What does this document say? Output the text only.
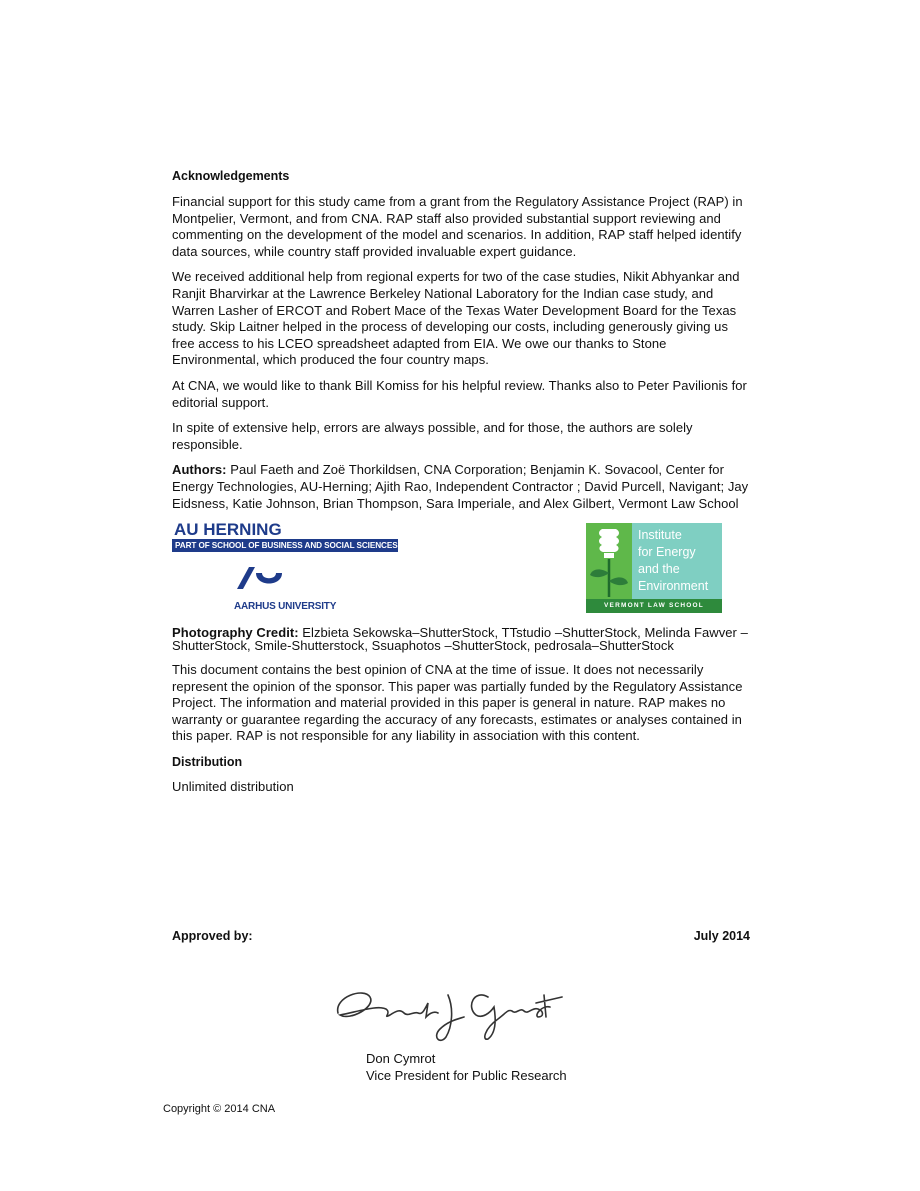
Acknowledgements

Financial support for this study came from a grant from the Regulatory Assistance Project (RAP) in Montpelier, Vermont, and from CNA. RAP staff also provided substantial support reviewing and commenting on the development of the model and scenarios. In addition, RAP staff helped identify data sources, while country staff provided invaluable expert guidance.

We received additional help from regional experts for two of the case studies, Nikit Abhyankar and Ranjit Bharvirkar at the Lawrence Berkeley National Laboratory for the Indian case study, and Warren Lasher of ERCOT and Robert Mace of the Texas Water Development Board for the Texas study. Skip Laitner helped in the process of developing our costs, including generously giving us free access to his LCEO spreadsheet adapted from EIA. We owe our thanks to Stone Environmental, which produced the four country maps.

At CNA, we would like to thank Bill Komiss for his helpful review. Thanks also to Peter Pavilionis for editorial support.

In spite of extensive help, errors are always possible, and for those, the authors are solely responsible.

Authors: Paul Faeth and Zoë Thorkildsen, CNA Corporation; Benjamin K. Sovacool, Center for Energy Technologies, AU-Herning; Ajith Rao, Independent Contractor ; David Purcell, Navigant; Jay Eidsness, Katie Johnson, Brian Thompson, Sara Imperiale, and Alex Gilbert, Vermont Law School

AU HERNING
PART OF SCHOOL OF BUSINESS AND SOCIAL SCIENCES
AARHUS UNIVERSITY
Institute
for Energy
and the
Environment
VERMONT LAW SCHOOL

Photography Credit: Elzbieta Sekowska–ShutterStock, TTstudio –ShutterStock, Melinda Fawver –ShutterStock, Smile-Shutterstock, Ssuaphotos –ShutterStock, pedrosala–ShutterStock

This document contains the best opinion of CNA at the time of issue. It does not necessarily represent the opinion of the sponsor. This paper was partially funded by the Regulatory Assistance Project. The information and material provided in this paper is general in nature. RAP makes no warranty or guarantee regarding the accuracy of any forecasts, estimates or analyses contained in this paper. RAP is not responsible for any liability in association with this content.

Distribution

Unlimited distribution

Approved by:	July 2014
Don Cymrot
Vice President for Public Research
Copyright © 2014 CNA
